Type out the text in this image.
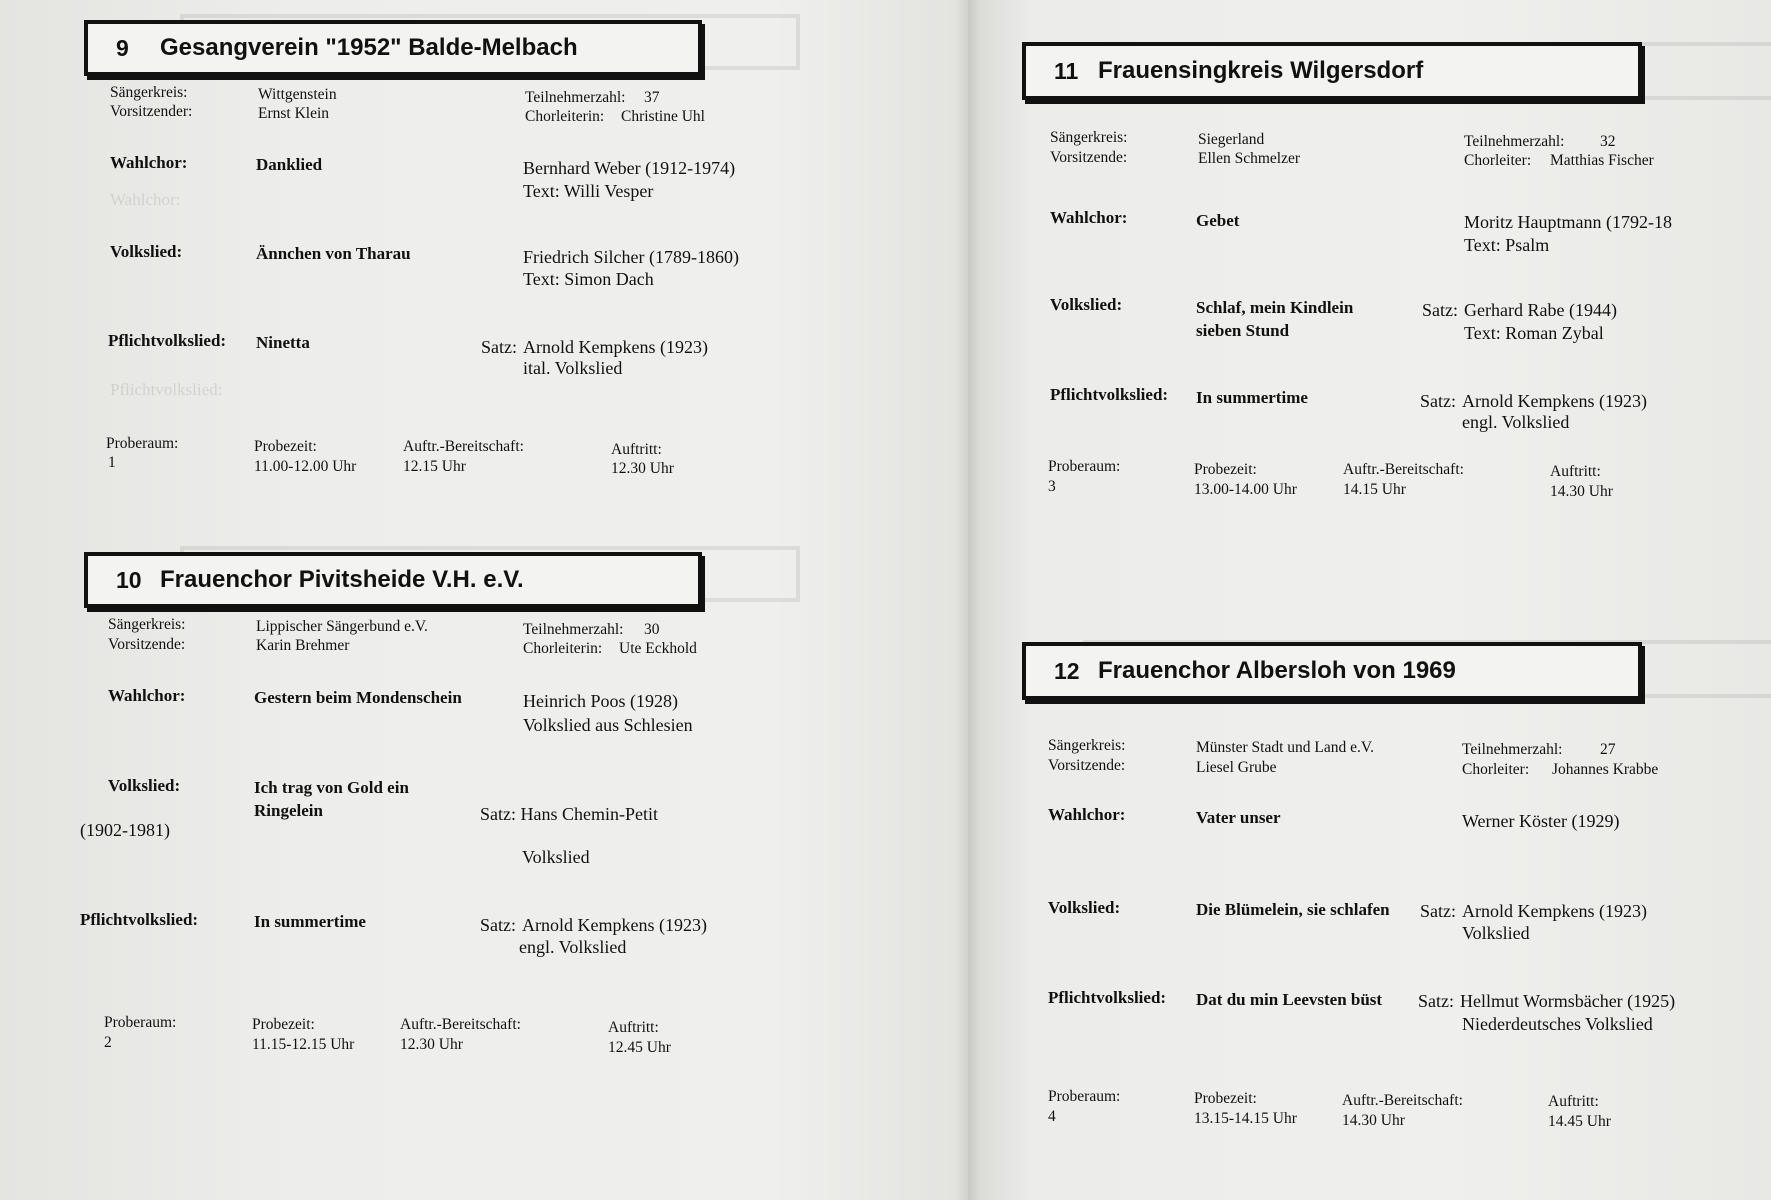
Wahlchor:
Pflichtvolkslied:
9	Gesangverein "1952" Balde-Melbach
Sängerkreis:	Wittgenstein
Vorsitzender:	Ernst Klein
Teilnehmerzahl: 37
Chorleiterin: Christine Uhl
Wahlchor:	Danklied	Bernhard Weber (1912-1974)
Text: Willi Vesper
Volkslied:	Ännchen von Tharau	Friedrich Silcher (1789-1860)
Text: Simon Dach
Pflichtvolkslied: Ninetta	Satz: Arnold Kempkens (1923)
ital. Volkslied
Proberaum:
1
Probezeit:
11.00-12.00 Uhr
Auftr.-Bereitschaft:
12.15 Uhr
Auftritt:
12.30 Uhr
10 Frauenchor Pivitsheide V.H. e.V.
Sängerkreis:	Lippischer Sängerbund e.V.
Vorsitzende:	Karin Brehmer
Teilnehmerzahl: 30
Chorleiterin: Ute Eckhold
Wahlchor:	Gestern beim Mondenschein	Heinrich Poos (1928)
Volkslied aus Schlesien
Volkslied:	Ich trag von Gold ein
Ringelein	Satz: Hans Chemin-Petit
(1902-1981)
Volkslied
Pflichtvolkslied:	In summertime	Satz: Arnold Kempkens (1923)
engl. Volkslied
Proberaum:
2
Probezeit:
11.15-12.15 Uhr
Auftr.-Bereitschaft:
12.30 Uhr
Auftritt:
12.45 Uhr
11 Frauensingkreis Wilgersdorf
Sängerkreis:	Siegerland
Vorsitzende:	Ellen Schmelzer
Teilnehmerzahl: 32
Chorleiter: Matthias Fischer
Wahlchor:	Gebet	Moritz Hauptmann (1792-18
Text: Psalm
Volkslied:	Schlaf, mein Kindlein
sieben Stund
Satz: Gerhard Rabe (1944)
Text: Roman Zybal
Pflichtvolkslied: In summertime	Satz: Arnold Kempkens (1923)
engl. Volkslied
Proberaum:
3
Probezeit:
13.00-14.00 Uhr
Auftr.-Bereitschaft:
14.15 Uhr
Auftritt:
14.30 Uhr
12 Frauenchor Albersloh von 1969
Sängerkreis:	Münster Stadt und Land e.V.
Vorsitzende:	Liesel Grube
Teilnehmerzahl: 27
Chorleiter: Johannes Krabbe
Wahlchor:	Vater unser	Werner Köster (1929)
Volkslied:	Die Blümelein, sie schlafen Satz: Arnold Kempkens (1923)
Volkslied
Pflichtvolkslied: Dat du min Leevsten büst Satz: Hellmut Wormsbächer (1925)
Niederdeutsches Volkslied
Proberaum:
4
Probezeit:
13.15-14.15 Uhr
Auftr.-Bereitschaft:
14.30 Uhr
Auftritt:
14.45 Uhr
